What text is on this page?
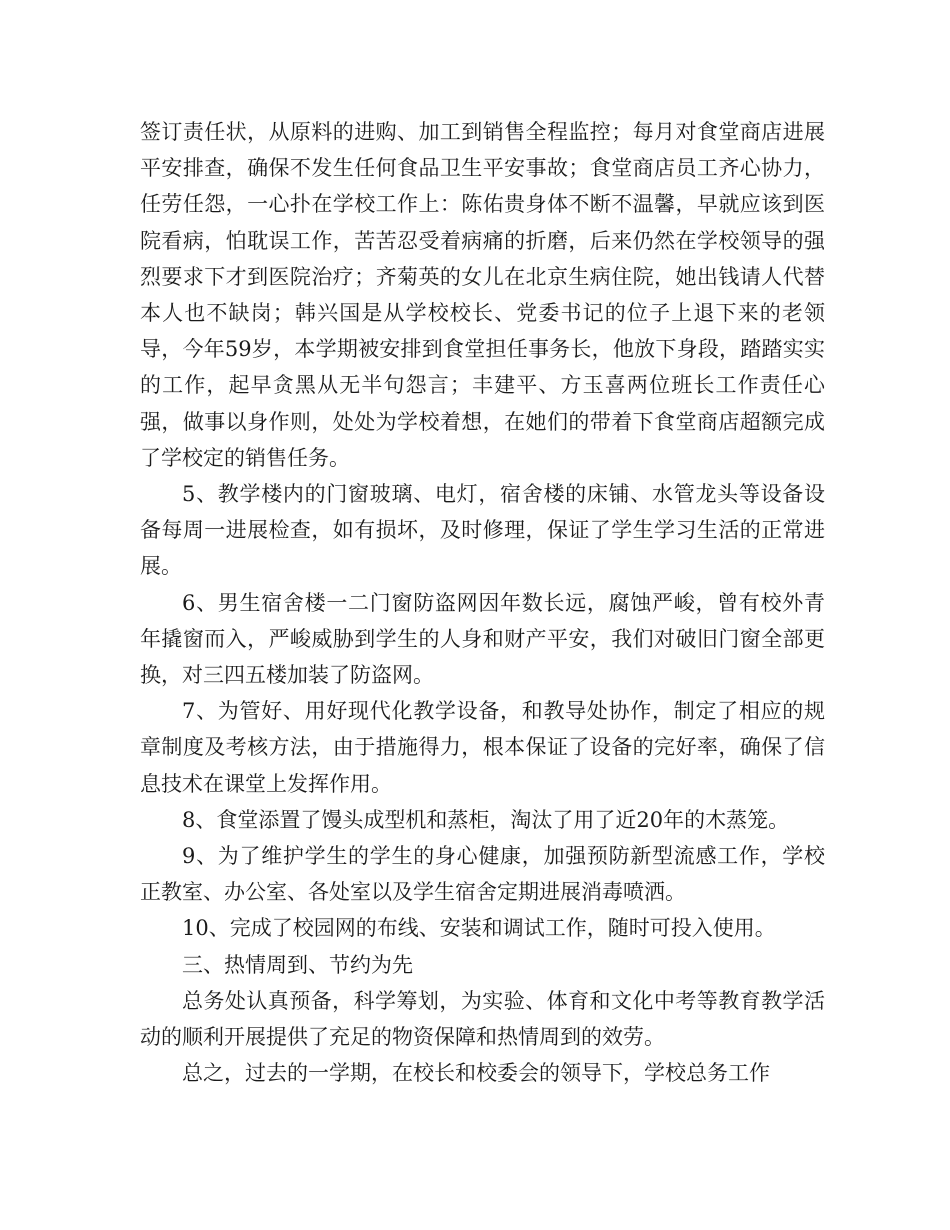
签订责任状，从原料的进购、加工到销售全程监控；每月对食堂商店进展平安排查，确保不发生任何食品卫生平安事故；食堂商店员工齐心协力，任劳任怨，一心扑在学校工作上：陈佑贵身体不断不温馨，早就应该到医院看病，怕耽误工作，苦苦忍受着病痛的折磨，后来仍然在学校领导的强烈要求下才到医院治疗；齐菊英的女儿在北京生病住院，她出钱请人代替本人也不缺岗；韩兴国是从学校校长、党委书记的位子上退下来的老领导，今年59岁，本学期被安排到食堂担任事务长，他放下身段，踏踏实实的工作，起早贪黑从无半句怨言；丰建平、方玉喜两位班长工作责任心强，做事以身作则，处处为学校着想，在她们的带着下食堂商店超额完成了学校定的销售任务。

5、教学楼内的门窗玻璃、电灯，宿舍楼的床铺、水管龙头等设备设备每周一进展检查，如有损坏，及时修理，保证了学生学习生活的正常进展。

6、男生宿舍楼一二门窗防盗网因年数长远，腐蚀严峻，曾有校外青年撬窗而入，严峻威胁到学生的人身和财产平安，我们对破旧门窗全部更换，对三四五楼加装了防盗网。

7、为管好、用好现代化教学设备，和教导处协作，制定了相应的规章制度及考核方法，由于措施得力，根本保证了设备的完好率，确保了信息技术在课堂上发挥作用。

8、食堂添置了馒头成型机和蒸柜，淘汰了用了近20年的木蒸笼。

9、为了维护学生的学生的身心健康，加强预防新型流感工作，学校正教室、办公室、各处室以及学生宿舍定期进展消毒喷洒。

10、完成了校园网的布线、安装和调试工作，随时可投入使用。

三、热情周到、节约为先

总务处认真预备，科学筹划，为实验、体育和文化中考等教育教学活动的顺利开展提供了充足的物资保障和热情周到的效劳。

总之，过去的一学期，在校长和校委会的领导下，学校总务工作
